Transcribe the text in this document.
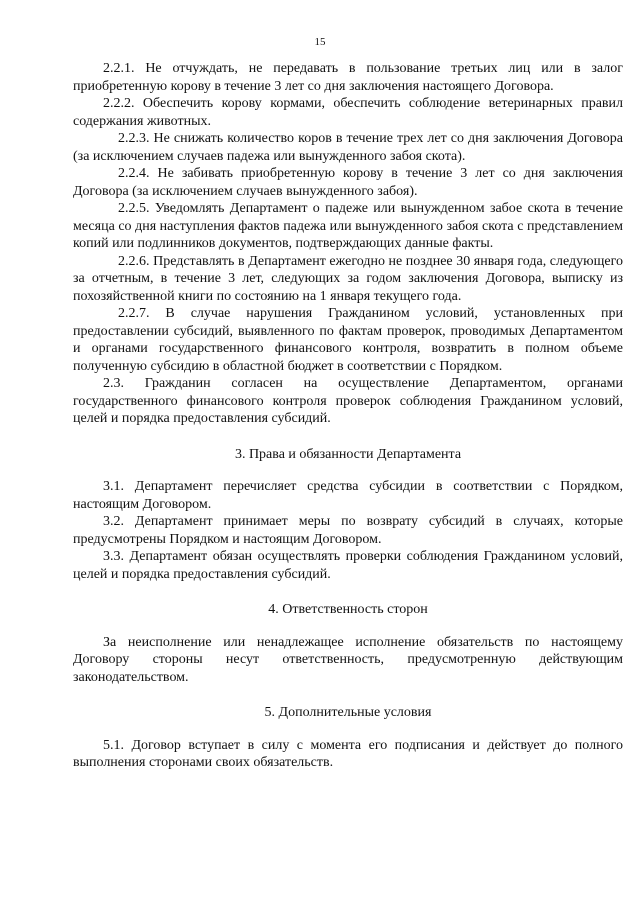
15

2.2.1. Не отчуждать, не передавать в пользование третьих лиц или в залог приобретенную корову в течение 3 лет со дня заключения настоящего Договора.

2.2.2. Обеспечить корову кормами, обеспечить соблюдение ветеринарных правил содержания животных.

2.2.3. Не снижать количество коров в течение трех лет со дня заключения Договора (за исключением случаев падежа или вынужденного забоя скота).

2.2.4. Не забивать приобретенную корову в течение 3 лет со дня заключения Договора (за исключением случаев вынужденного забоя).

2.2.5. Уведомлять Департамент о падеже или вынужденном забое скота в течение месяца со дня наступления фактов падежа или вынужденного забоя скота с представлением копий или подлинников документов, подтверждающих данные факты.

2.2.6. Представлять в Департамент ежегодно не позднее 30 января года, следующего за отчетным, в течение 3 лет, следующих за годом заключения Договора, выписку из похозяйственной книги по состоянию на 1 января текущего года.

2.2.7. В случае нарушения Гражданином условий, установленных при предоставлении субсидий, выявленного по фактам проверок, проводимых Департаментом и органами государственного финансового контроля, возвратить в полном объеме полученную субсидию в областной бюджет в соответствии с Порядком.

2.3. Гражданин согласен на осуществление Департаментом, органами государственного финансового контроля проверок соблюдения Гражданином условий, целей и порядка предоставления субсидий.

3. Права и обязанности Департамента

3.1. Департамент перечисляет средства субсидии в соответствии с Порядком, настоящим Договором.

3.2. Департамент принимает меры по возврату субсидий в случаях, которые предусмотрены Порядком и настоящим Договором.

3.3. Департамент обязан осуществлять проверки соблюдения Гражданином условий, целей и порядка предоставления субсидий.

4. Ответственность сторон

За неисполнение или ненадлежащее исполнение обязательств по настоящему Договору стороны несут ответственность, предусмотренную действующим законодательством.

5. Дополнительные условия

5.1. Договор вступает в силу с момента его подписания и действует до полного выполнения сторонами своих обязательств.
